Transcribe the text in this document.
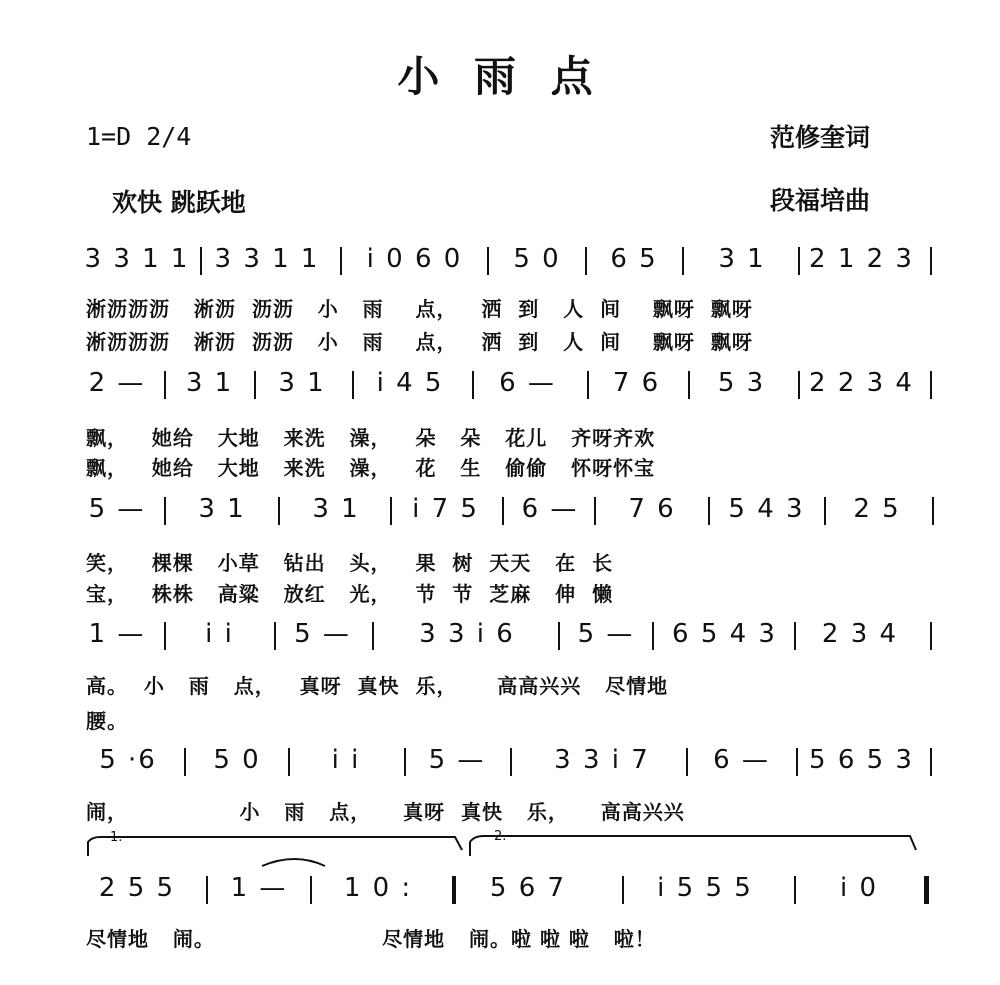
小 雨 点
1=D 2/4	范修奎词
欢快 跳跃地	段福培曲
3 3 1 1 3 3 1 1	i 0 6 0	5 0	6 5	3 1	2 1 2 3
淅沥沥沥   淅沥  沥沥   小   雨    点，   洒  到   人  间    飘呀  飘呀
淅沥沥沥   淅沥  沥沥   小   雨    点，   洒  到   人  间    飘呀  飘呀
2 —	3 1	3 1	i 4 5	6 —	7 6	5 3	2 2 3 4
飘，   她给   大地   来洗   澡，   朵   朵   花儿   齐呀齐欢
飘，   她给   大地   来洗   澡，   花   生   偷偷   怀呀怀宝
5 —	3 1	3 1	i 7 5	6 —	7 6	5 4 3	2 5
笑，   棵棵   小草   钻出   头，   果  树  天天   在  长
宝，   株株   高粱   放红   光，   节  节  芝麻   伸  懒
1 —	i i	5 —	3 3 i 6	5 —	6 5 4 3	2 3 4
高。  小   雨   点，   真呀  真快  乐，     高高兴兴   尽情地
腰。
5 ·6	5 0	i i	5 —	3 3 i 7	6 —	5 6 5 3
闹，              小   雨   点，    真呀  真快   乐，    高高兴兴
1.	2.
2 5 5	1 —	1 0 :	5 6 7	i 5 5 5	i 0
尽情地   闹。                     尽情地   闹。啦 啦 啦   啦！
